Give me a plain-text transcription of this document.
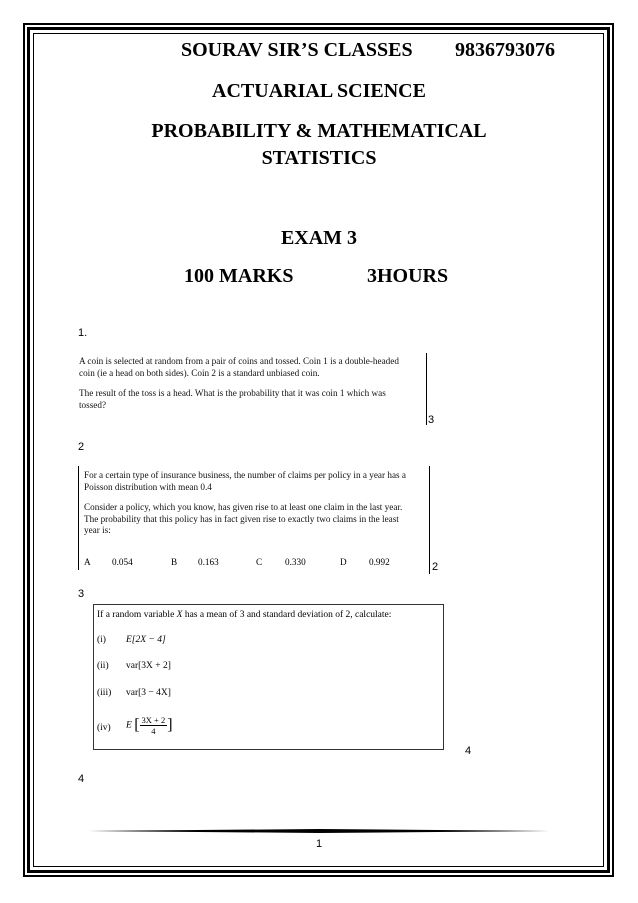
SOURAV SIR’S CLASSES 9836793076
ACTUARIAL SCIENCE
PROBABILITY & MATHEMATICAL
STATISTICS
EXAM 3
100 MARKS	3HOURS
1.

A coin is selected at random from a pair of coins and tossed. Coin 1 is a double-headed

coin (ie a head on both sides). Coin 2 is a standard unbiased coin.

The result of the toss is a head. What is the probability that it was coin 1 which was

tossed?

3
2

For a certain type of insurance business, the number of claims per policy in a year has a

Poisson distribution with mean 0.4

Consider a policy, which you know, has given rise to at least one claim in the last year.

The probability that this policy has in fact given rise to exactly two claims in the least

year is:

A 0.054	B 0.163	C 0.330	D 0.992	2
3
If a random variable X has a mean of 3 and standard deviation of 2, calculate:
(i) E[2X − 4]
(ii) var[3X + 2]
(iii) var[3 − 4X]
(iv) E [ $\frac{3X + 2}{4}$ ]
4
4
1
